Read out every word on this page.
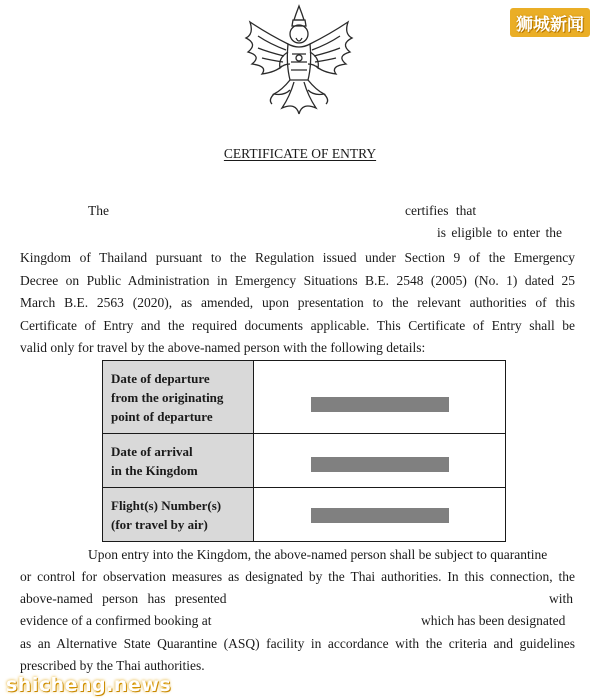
狮城新闻
CERTIFICATE OF ENTRY
The	certifies that
is eligible to enter the
Kingdom of Thailand pursuant to the Regulation issued under Section 9 of the Emergency
Decree on Public Administration in Emergency Situations B.E. 2548 (2005) (No. 1) dated 25
March B.E. 2563 (2020), as amended, upon presentation to the relevant authorities of this
Certificate of Entry and the required documents applicable. This Certificate of Entry shall be
valid only for travel by the above-named person with the following details:
Date of departure
from the originating
point of departure	

Date of arrival
in the Kingdom	

Flight(s) Number(s)
(for travel by air)	

Upon entry into the Kingdom, the above-named person shall be subject to quarantine
or control for observation measures as designated by the Thai authorities. In this connection, the
above-named person has presented	with
evidence of a confirmed booking at	which has been designated
as an Alternative State Quarantine (ASQ) facility in accordance with the criteria and guidelines
prescribed by the Thai authorities.
shicheng.news
